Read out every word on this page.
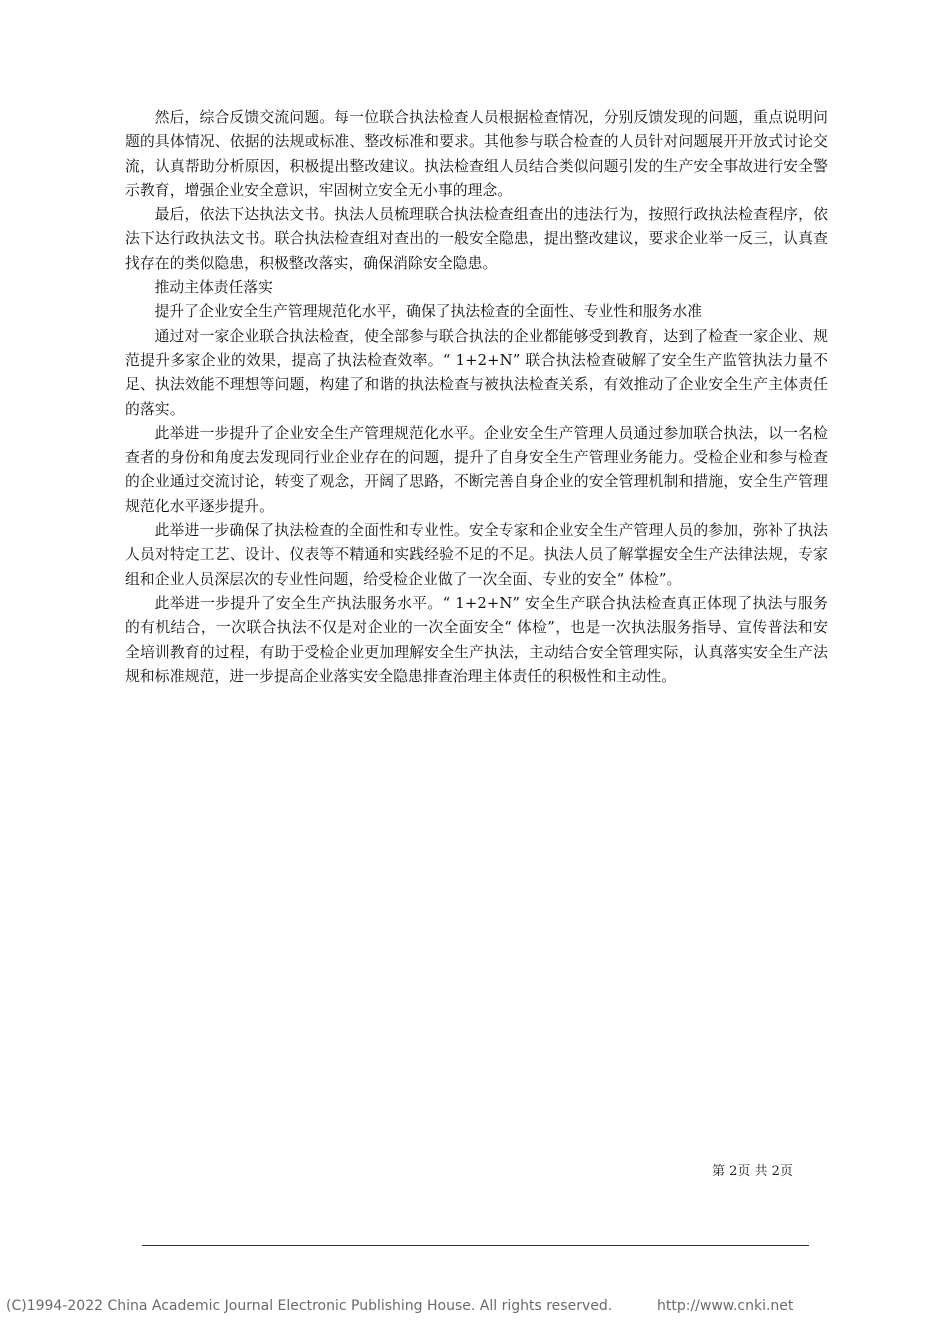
然后，综合反馈交流问题。每一位联合执法检查人员根据检查情况，分别反馈发现的问题，重点说明问题的具体情况、依据的法规或标准、整改标准和要求。其他参与联合检查的人员针对问题展开开放式讨论交流，认真帮助分析原因，积极提出整改建议。执法检查组人员结合类似问题引发的生产安全事故进行安全警示教育，增强企业安全意识，牢固树立安全无小事的理念。

最后，依法下达执法文书。执法人员梳理联合执法检查组查出的违法行为，按照行政执法检查程序，依法下达行政执法文书。联合执法检查组对查出的一般安全隐患，提出整改建议，要求企业举一反三，认真查找存在的类似隐患，积极整改落实，确保消除安全隐患。

推动主体责任落实

提升了企业安全生产管理规范化水平，确保了执法检查的全面性、专业性和服务水准

通过对一家企业联合执法检查，使全部参与联合执法的企业都能够受到教育，达到了检查一家企业、规范提升多家企业的效果，提高了执法检查效率。“ 1+2+N” 联合执法检查破解了安全生产监管执法力量不足、执法效能不理想等问题，构建了和谐的执法检查与被执法检查关系，有效推动了企业安全生产主体责任的落实。

此举进一步提升了企业安全生产管理规范化水平。企业安全生产管理人员通过参加联合执法，以一名检查者的身份和角度去发现同行业企业存在的问题，提升了自身安全生产管理业务能力。受检企业和参与检查的企业通过交流讨论，转变了观念，开阔了思路，不断完善自身企业的安全管理机制和措施，安全生产管理规范化水平逐步提升。

此举进一步确保了执法检查的全面性和专业性。安全专家和企业安全生产管理人员的参加，弥补了执法人员对特定工艺、设计、仪表等不精通和实践经验不足的不足。执法人员了解掌握安全生产法律法规，专家组和企业人员深层次的专业性问题，给受检企业做了一次全面、专业的安全“ 体检”。

此举进一步提升了安全生产执法服务水平。“ 1+2+N” 安全生产联合执法检查真正体现了执法与服务的有机结合，一次联合执法不仅是对企业的一次全面安全“ 体检”，也是一次执法服务指导、宣传普法和安全培训教育的过程，有助于受检企业更加理解安全生产执法，主动结合安全管理实际，认真落实安全生产法规和标准规范，进一步提高企业落实安全隐患排查治理主体责任的积极性和主动性。

第 2页 共 2页
(C)1994-2022 China Academic Journal Electronic Publishing House. All rights reserved.	http://www.cnki.net
